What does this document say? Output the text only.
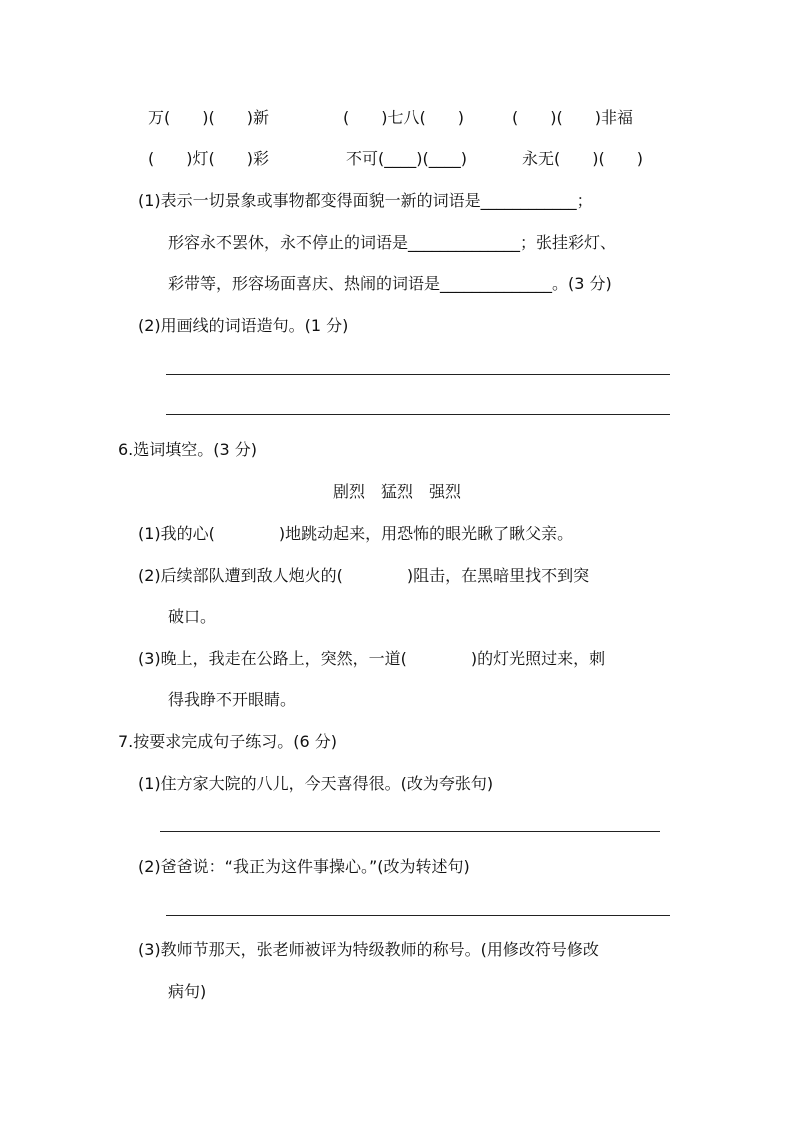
万(　　)(　　)新	(　　)七八(　　)	(　　)(　　)非福
(　　)灯(　　)彩	不可(____)(____)	永无(　　)(　　)
(1)表示一切景象或事物都变得面貌一新的词语是____________；
形容永不罢休，永不停止的词语是______________；张挂彩灯、
彩带等，形容场面喜庆、热闹的词语是______________。(3 分)
(2)用画线的词语造句。(1 分)
6.选词填空。(3 分)
剧烈　猛烈　强烈
(1)我的心(　　　　)地跳动起来，用恐怖的眼光瞅了瞅父亲。
(2)后续部队遭到敌人炮火的(　　　　)阻击，在黑暗里找不到突
破口。
(3)晚上，我走在公路上，突然，一道(　　　　)的灯光照过来，刺
得我睁不开眼睛。
7.按要求完成句子练习。(6 分)
(1)住方家大院的八儿，今天喜得很。(改为夸张句)
(2)爸爸说：“我正为这件事操心。”(改为转述句)
(3)教师节那天，张老师被评为特级教师的称号。(用修改符号修改
病句)
